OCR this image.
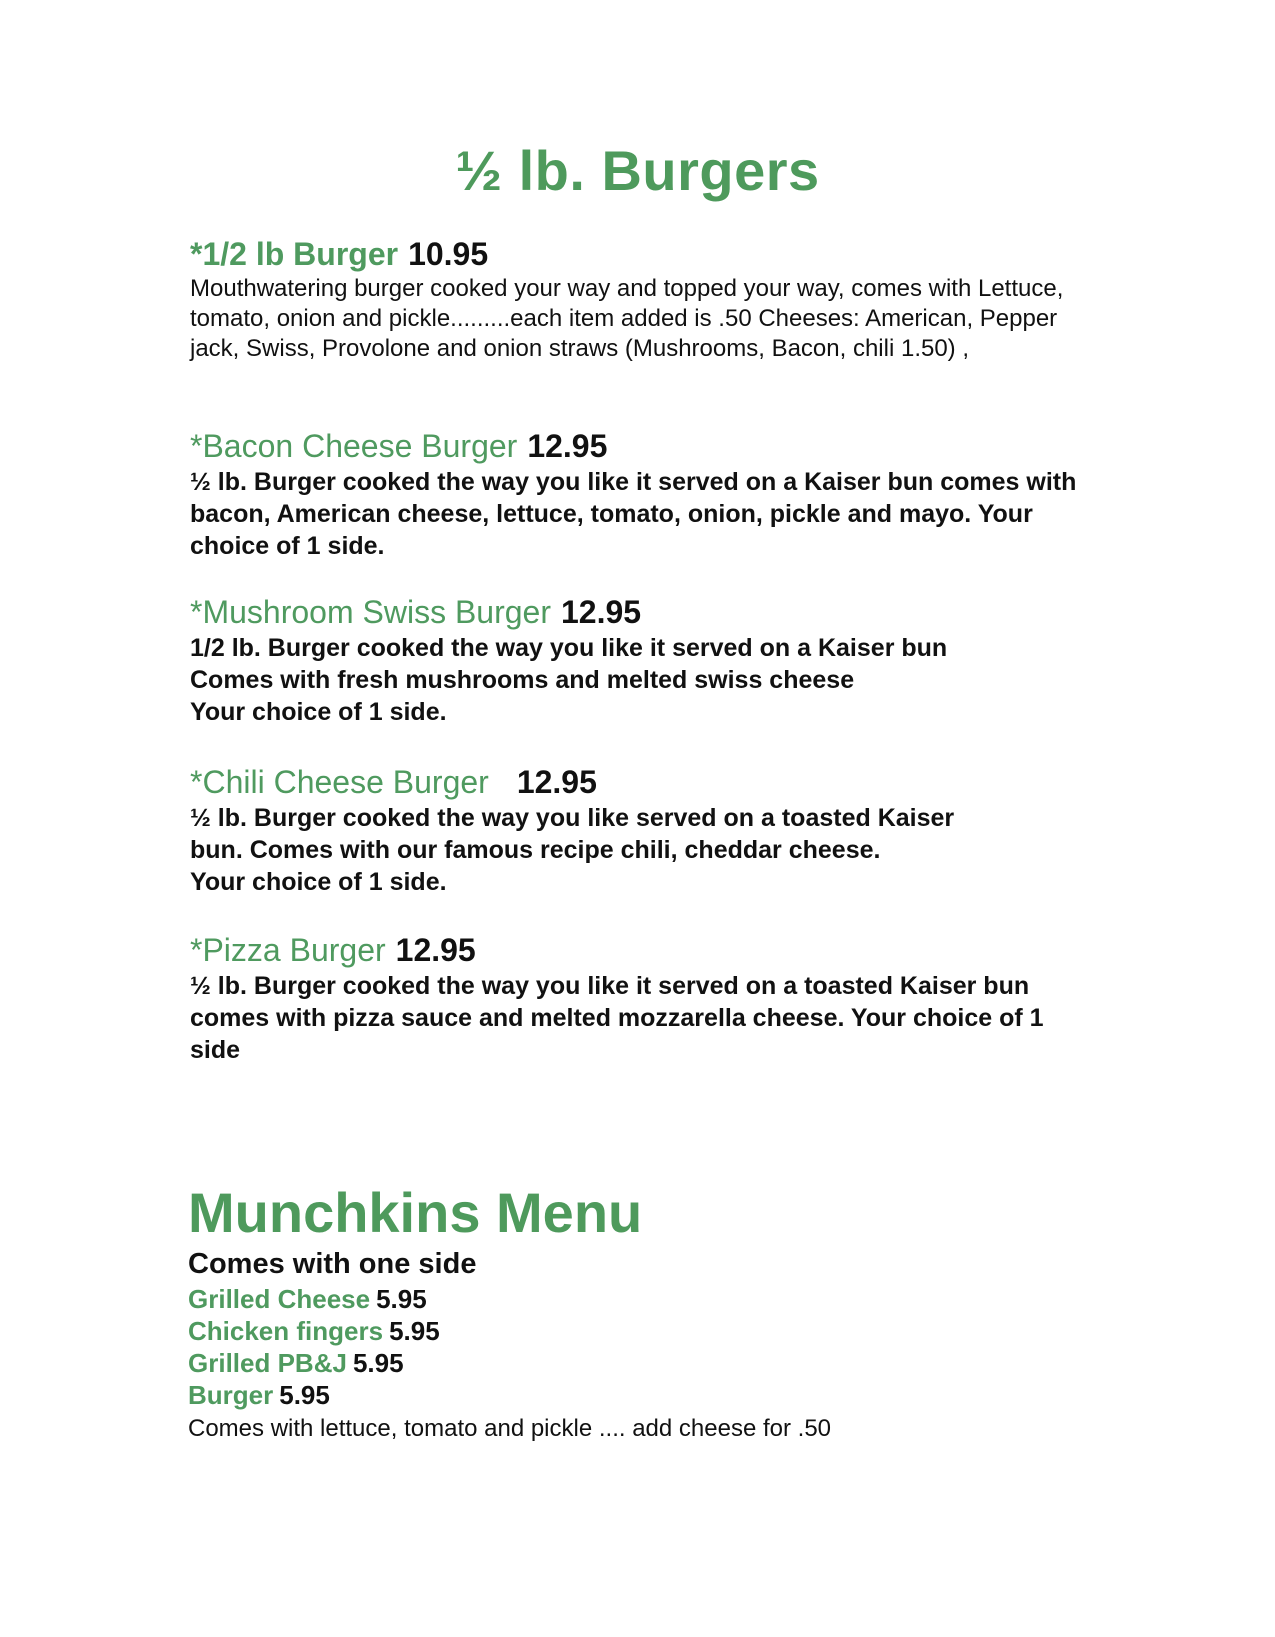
½ lb. Burgers

*1/2 lb Burger 10.95

Mouthwatering burger cooked your way and topped your way, comes with Lettuce, tomato, onion and pickle.........each item added is .50 Cheeses: American, Pepper jack, Swiss, Provolone and onion straws (Mushrooms, Bacon, chili 1.50) ,

*Bacon Cheese Burger 12.95

½ lb. Burger cooked the way you like it served on a Kaiser bun comes with bacon, American cheese, lettuce, tomato, onion, pickle and mayo. Your choice of 1 side.

*Mushroom Swiss Burger 12.95

1/2 lb. Burger cooked the way you like it served on a Kaiser bun

Comes with fresh mushrooms and melted swiss cheese

Your choice of 1 side.

*Chili Cheese Burger 12.95

½ lb. Burger cooked the way you like served on a toasted Kaiser

bun. Comes with our famous recipe chili, cheddar cheese.

Your choice of 1 side.

*Pizza Burger 12.95

½ lb. Burger cooked the way you like it served on a toasted Kaiser bun comes with pizza sauce and melted mozzarella cheese. Your choice of 1 side

Munchkins Menu

Comes with one side

Grilled Cheese 5.95

Chicken fingers 5.95

Grilled PB&J 5.95

Burger 5.95

Comes with lettuce, tomato and pickle .... add cheese for .50
